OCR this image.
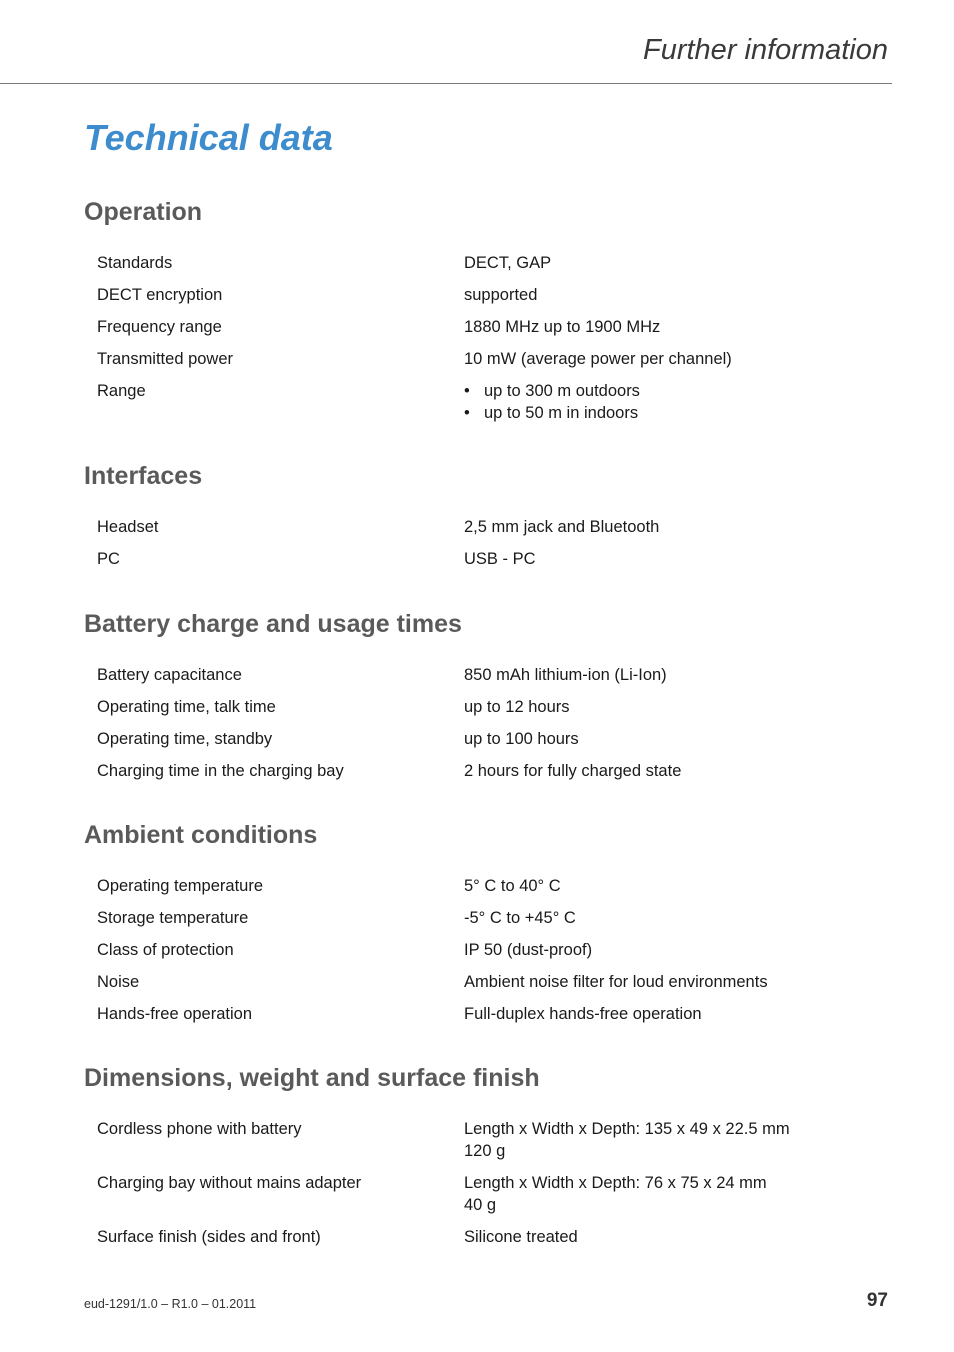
Further information
Technical data
Operation
Standards	DECT, GAP
DECT encryption	supported
Frequency range	1880 MHz up to 1900 MHz
Transmitted power	10 mW (average power per channel)
Range
•	up to 300 m outdoors
• up to 50 m in indoors
Interfaces
Headset	2,5 mm jack and Bluetooth
PC	USB - PC
Battery charge and usage times
Battery capacitance	850 mAh lithium-ion (Li-Ion)
Operating time, talk time	up to 12 hours
Operating time, standby	up to 100 hours
Charging time in the charging bay	2 hours for fully charged state
Ambient conditions
Operating temperature	5° C to 40° C
Storage temperature	-5° C to +45° C
Class of protection	IP 50 (dust-proof)
Noise	Ambient noise filter for loud environments
Hands-free operation	Full-duplex hands-free operation
Dimensions, weight and surface finish
Cordless phone with battery	Length x Width x Depth: 135 x 49 x 22.5 mm
120 g
Charging bay without mains adapter	Length x Width x Depth: 76 x 75 x 24 mm
40 g
Surface finish (sides and front)	Silicone treated
eud-1291/1.0 – R1.0 – 01.2011	97
